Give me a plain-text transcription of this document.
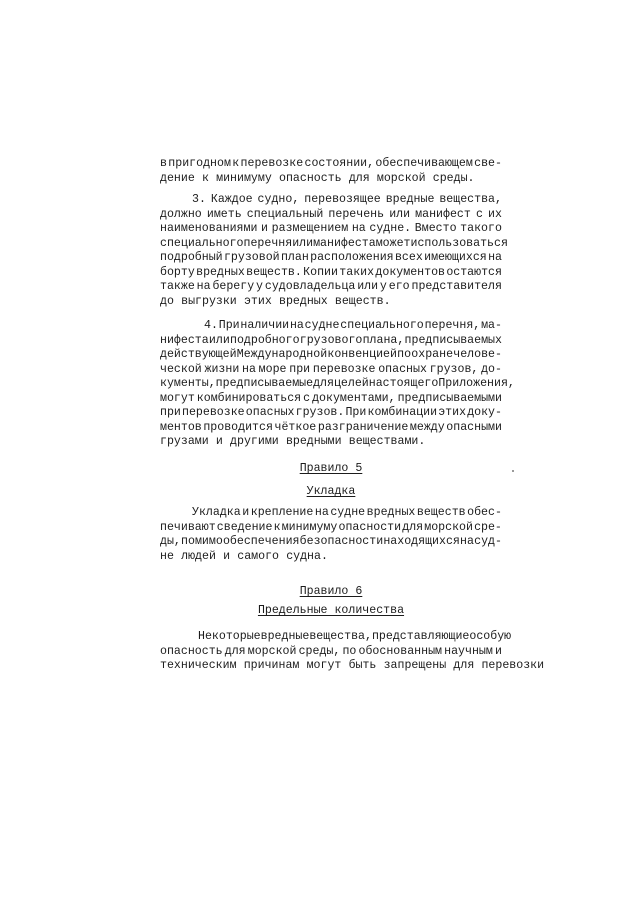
в пригодном к перевозке состоянии, обеспечивающем све-
дение к минимуму опасность для морской среды.
3. Каждое судно, перевозящее вредные вещества,
должно иметь специальный перечень или манифест с их
наименованиями и размещением на судне. Вместо такого
специального перечня или манифеста может использоваться
подробный грузовой план расположения всех имеющихся на
борту вредных веществ. Копии таких документов остаются
также на берегу у судовладельца или у его представителя
до выгрузки этих вредных веществ.
4. При наличии на судне специального перечня, ма-
нифеста или подробного грузового плана, предписываемых
действующей Международной конвенцией по охране челове-
ческой жизни на море при перевозке опасных грузов, до-
кументы, предписываемые для целей настоящего Приложения,
могут комбинироваться с документами, предписываемыми
при перевозке опасных грузов. При комбинации этих доку-
ментов проводится чёткое разграничение между опасными
грузами и другими вредными веществами.
Правило 5
Укладка
Укладка и крепление на судне вредных веществ обес-
печивают сведение к минимуму опасности для морской сре-
ды, помимо обеспечения безопасности находящихся на суд-
не людей и самого судна.
Правило 6
Предельные количества
Некоторые вредные вещества, представляющие особую
опасность для морской среды, по обоснованным научным и
техническим причинам могут быть запрещены для перевозки
